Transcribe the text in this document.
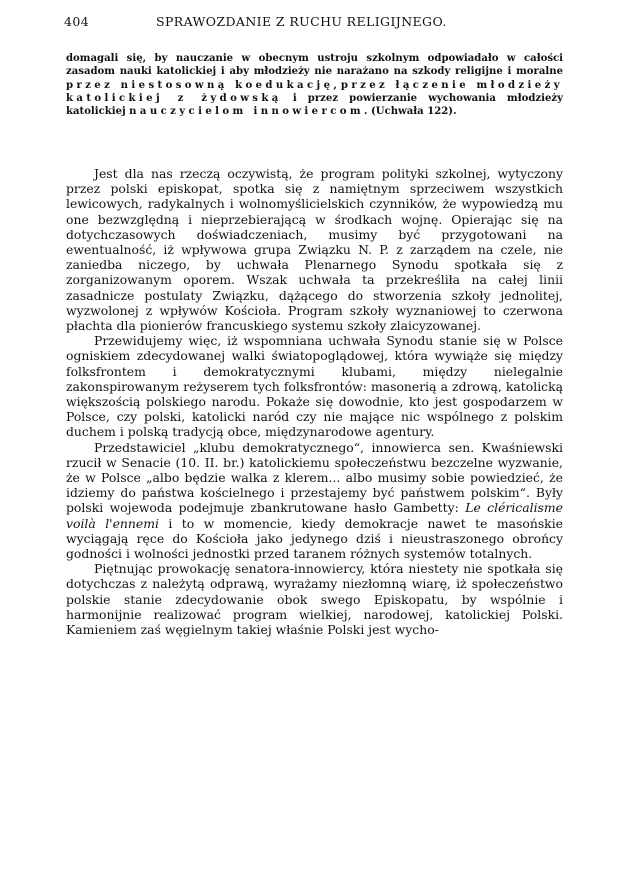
404	SPRAWOZDANIE Z RUCHU RELIGIJNEGO.
domagali się, by nauczanie w obecnym ustroju szkolnym odpowiadało w całości zasadom nauki katolickiej i aby młodzieży nie narażano na szkody religijne i moralne przez niestosowną koedukację, przez łączenie młodzieży katolickiej z żydowską i przez powierzanie wychowania młodzieży katolickiej nauczycielom innowiercom. (Uchwała 122).

Jest dla nas rzeczą oczywistą, że program polityki szkolnej, wytyczony przez polski episkopat, spotka się z namiętnym sprzeciwem wszystkich lewicowych, radykalnych i wolnomyślicielskich czynników, że wypowiedzą mu one bezwzględną i nieprzebierającą w środkach wojnę. Opierając się na dotychczasowych doświadczeniach, musimy być przygotowani na ewentualność, iż wpływowa grupa Związku N. P. z zarządem na czele, nie zaniedba niczego, by uchwała Plenarnego Synodu spotkała się z zorganizowanym oporem. Wszak uchwała ta przekreśliła na całej linii zasadnicze postulaty Związku, dążącego do stworzenia szkoły jednolitej, wyzwolonej z wpływów Kościoła. Program szkoły wyznaniowej to czerwona płachta dla pionierów francuskiego systemu szkoły zlaicyzowanej.

Przewidujemy więc, iż wspomniana uchwała Synodu stanie się w Polsce ogniskiem zdecydowanej walki światopoglądowej, która wywiąże się między folksfrontem i demokratycznymi klubami, między nielegalnie zakonspirowanym reżyserem tych folksfrontów: masonerią a zdrową, katolicką większością polskiego narodu. Pokaże się dowodnie, kto jest gospodarzem w Polsce, czy polski, katolicki naród czy nie mające nic wspólnego z polskim duchem i polską tradycją obce, międzynarodowe agentury.

Przedstawiciel „klubu demokratycznego“, innowierca sen. Kwaśniewski rzucił w Senacie (10. II. br.) katolickiemu społeczeństwu bezczelne wyzwanie, że w Polsce „albo będzie walka z klerem... albo musimy sobie powiedzieć, że idziemy do państwa kościelnego i przestajemy być państwem polskim“. Były polski wojewoda podejmuje zbankrutowane hasło Gambetty: Le cléricalisme voilà l'ennemi i to w momencie, kiedy demokracje nawet te masońskie wyciągają ręce do Kościoła jako jedynego dziś i nieustraszonego obrońcy godności i wolności jednostki przed taranem różnych systemów totalnych.

Piętnując prowokację senatora-innowiercy, która niestety nie spotkała się dotychczas z należytą odprawą, wyrażamy niezłomną wiarę, iż społeczeństwo polskie stanie zdecydowanie obok swego Episkopatu, by wspólnie i harmonijnie realizować program wielkiej, narodowej, katolickiej Polski. Kamieniem zaś węgielnym takiej właśnie Polski jest wycho-
